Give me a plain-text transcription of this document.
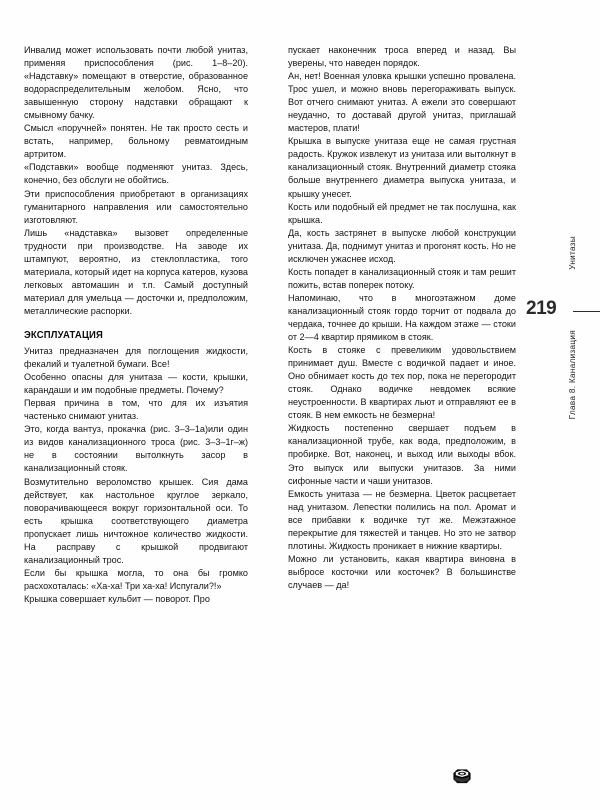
Инвалид может использовать почти любой унитаз, применяя приспособления (рис. 1–8–20). «Надставку» помещают в отверстие, образованное водораспределительным желобом. Ясно, что завышенную сторону надставки обращают к смывному бачку.

Смысл «поручней» понятен. Не так просто сесть и встать, например, больному ревматоидным артритом.

«Подставки» вообще подменяют унитаз. Здесь, конечно, без обслуги не обойтись.

Эти приспособления приобретают в организациях гуманитарного направления или самостоятельно изготовляют.

Лишь «надставка» вызовет определенные трудности при производстве. На заводе их штампуют, вероятно, из стеклопластика, того материала, который идет на корпуса катеров, кузова легковых автомашин и т.п. Самый доступный материал для умельца — досточки и, предположим, металлические распорки.

ЭКСПЛУАТАЦИЯ

Унитаз предназначен для поглощения жидкости, фекалий и туалетной бумаги. Все!

Особенно опасны для унитаза — кости, крышки, карандаши и им подобные предметы. Почему?

Первая причина в том, что для их изъятия частенько снимают унитаз.

Это, когда вантуз, прокачка (рис. 3–3–1а)или один из видов канализационного троса (рис. 3–3–1г–ж) не в состоянии вытолкнуть засор в канализационный стояк.

Возмутительно вероломство крышек. Сия дама действует, как настольное круглое зеркало, поворачивающееся вокруг горизонтальной оси. То есть крышка соответствующего диаметра пропускает лишь ничтожное количество жидкости. На расправу с крышкой продвигают канализационный трос.

Если бы крышка могла, то она бы громко расхохоталась: «Ха-ха! Три ха-ха! Испугали?!»

Крышка совершает кульбит — поворот. Про

пускает наконечник троса вперед и назад. Вы уверены, что наведен порядок.

Ан, нет! Военная уловка крышки успешно провалена. Трос ушел, и можно вновь перегораживать выпуск. Вот отчего снимают унитаз. А ежели это совершают неудачно, то доставай другой унитаз, приглашай мастеров, плати!

Крышка в выпуске унитаза еще не самая грустная радость. Кружок извлекут из унитаза или вытолкнут в канализационный стояк. Внутренний диаметр стояка больше внутреннего диаметра выпуска унитаза, и крышку унесет.

Кость или подобный ей предмет не так послушна, как крышка.

Да, кость застрянет в выпуске любой конструкции унитаза. Да, поднимут унитаз и прогонят кость. Но не исключен ужаснее исход.

Кость попадет в канализационный стояк и там решит пожить, встав поперек потоку.

Напоминаю, что в многоэтажном доме канализационный стояк гордо торчит от подвала до чердака, точнее до крыши. На каждом этаже — стоки от 2—4 квартир прямиком в стояк.

Кость в стояке с превеликим удовольствием принимает душ. Вместе с водичкой падает и иное. Оно обнимает кость до тех пор, пока не перегородит стояк. Однако водичке невдомек всякие неустроенности. В квартирах льют и отправляют ее в стояк. В нем емкость не безмерна!

Жидкость постепенно свершает подъем в канализационной трубе, как вода, предположим, в пробирке. Вот, наконец, и выход или выходы вбок. Это выпуск или выпуски унитазов. За ними сифонные части и чаши унитазов.

Емкость унитаза — не безмерна. Цветок расцветает над унитазом. Лепестки полились на пол. Аромат и все прибавки к водичке тут же. Межэтажное перекрытие для тяжестей и танцев. Но это не затвор плотины. Жидкость проникает в нижние квартиры.

Можно ли установить, какая квартира виновна в выбросе косточки или косточек? В большинстве случаев — да!

219
Унитазы
Глава 8. Канализация
